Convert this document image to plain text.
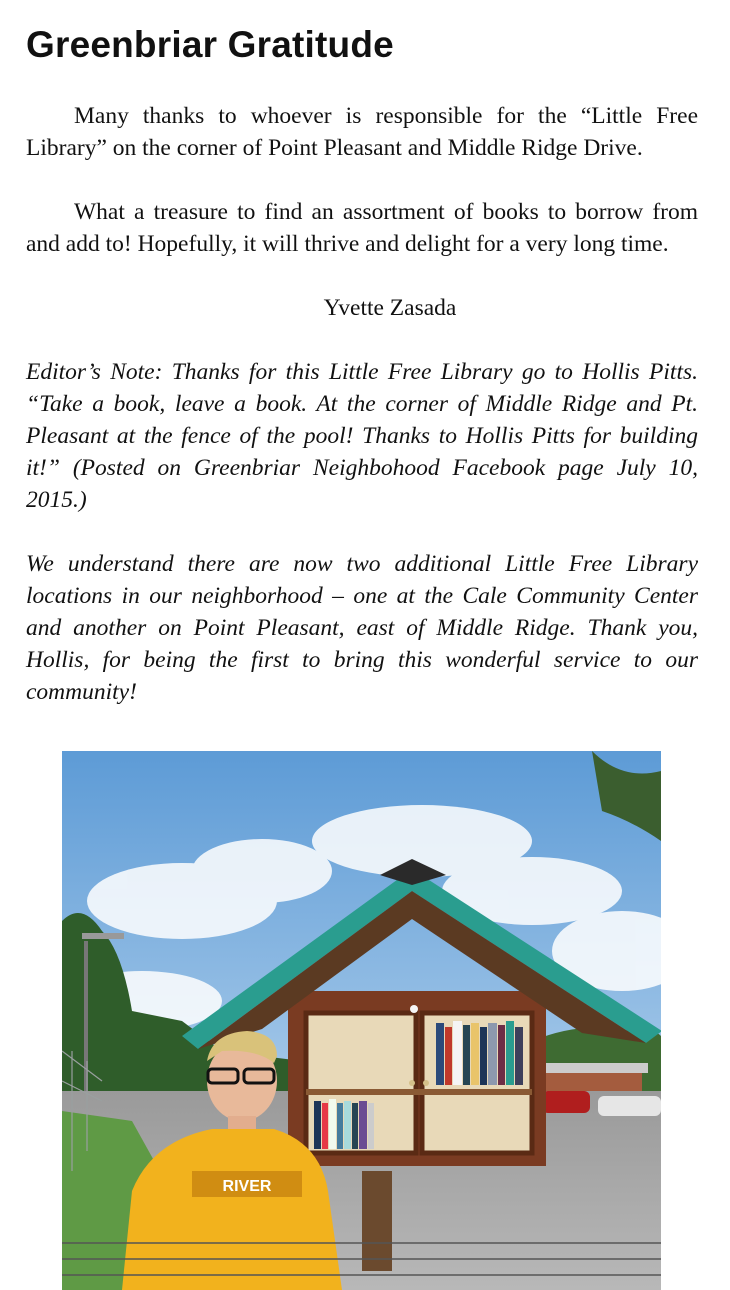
Greenbriar Gratitude

Many thanks to whoever is responsible for the “Little Free Library” on the corner of Point Pleasant and Middle Ridge Drive.

What a treasure to find an assortment of books to borrow from and add to! Hopefully, it will thrive and delight for a very long time.

Yvette Zasada

Editor’s Note: Thanks for this Little Free Library go to Hollis Pitts. “Take a book, leave a book. At the corner of Middle Ridge and Pt. Pleasant at the fence of the pool! Thanks to Hollis Pitts for building it!” (Posted on Greenbriar Neighbohood Facebook page July 10, 2015.)

We understand there are now two additional Little Free Library locations in our neighborhood – one at the Cale Community Center and another on Point Pleasant, east of Middle Ridge. Thank you, Hollis, for being the first to bring this wonderful service to our community!

RIVER
